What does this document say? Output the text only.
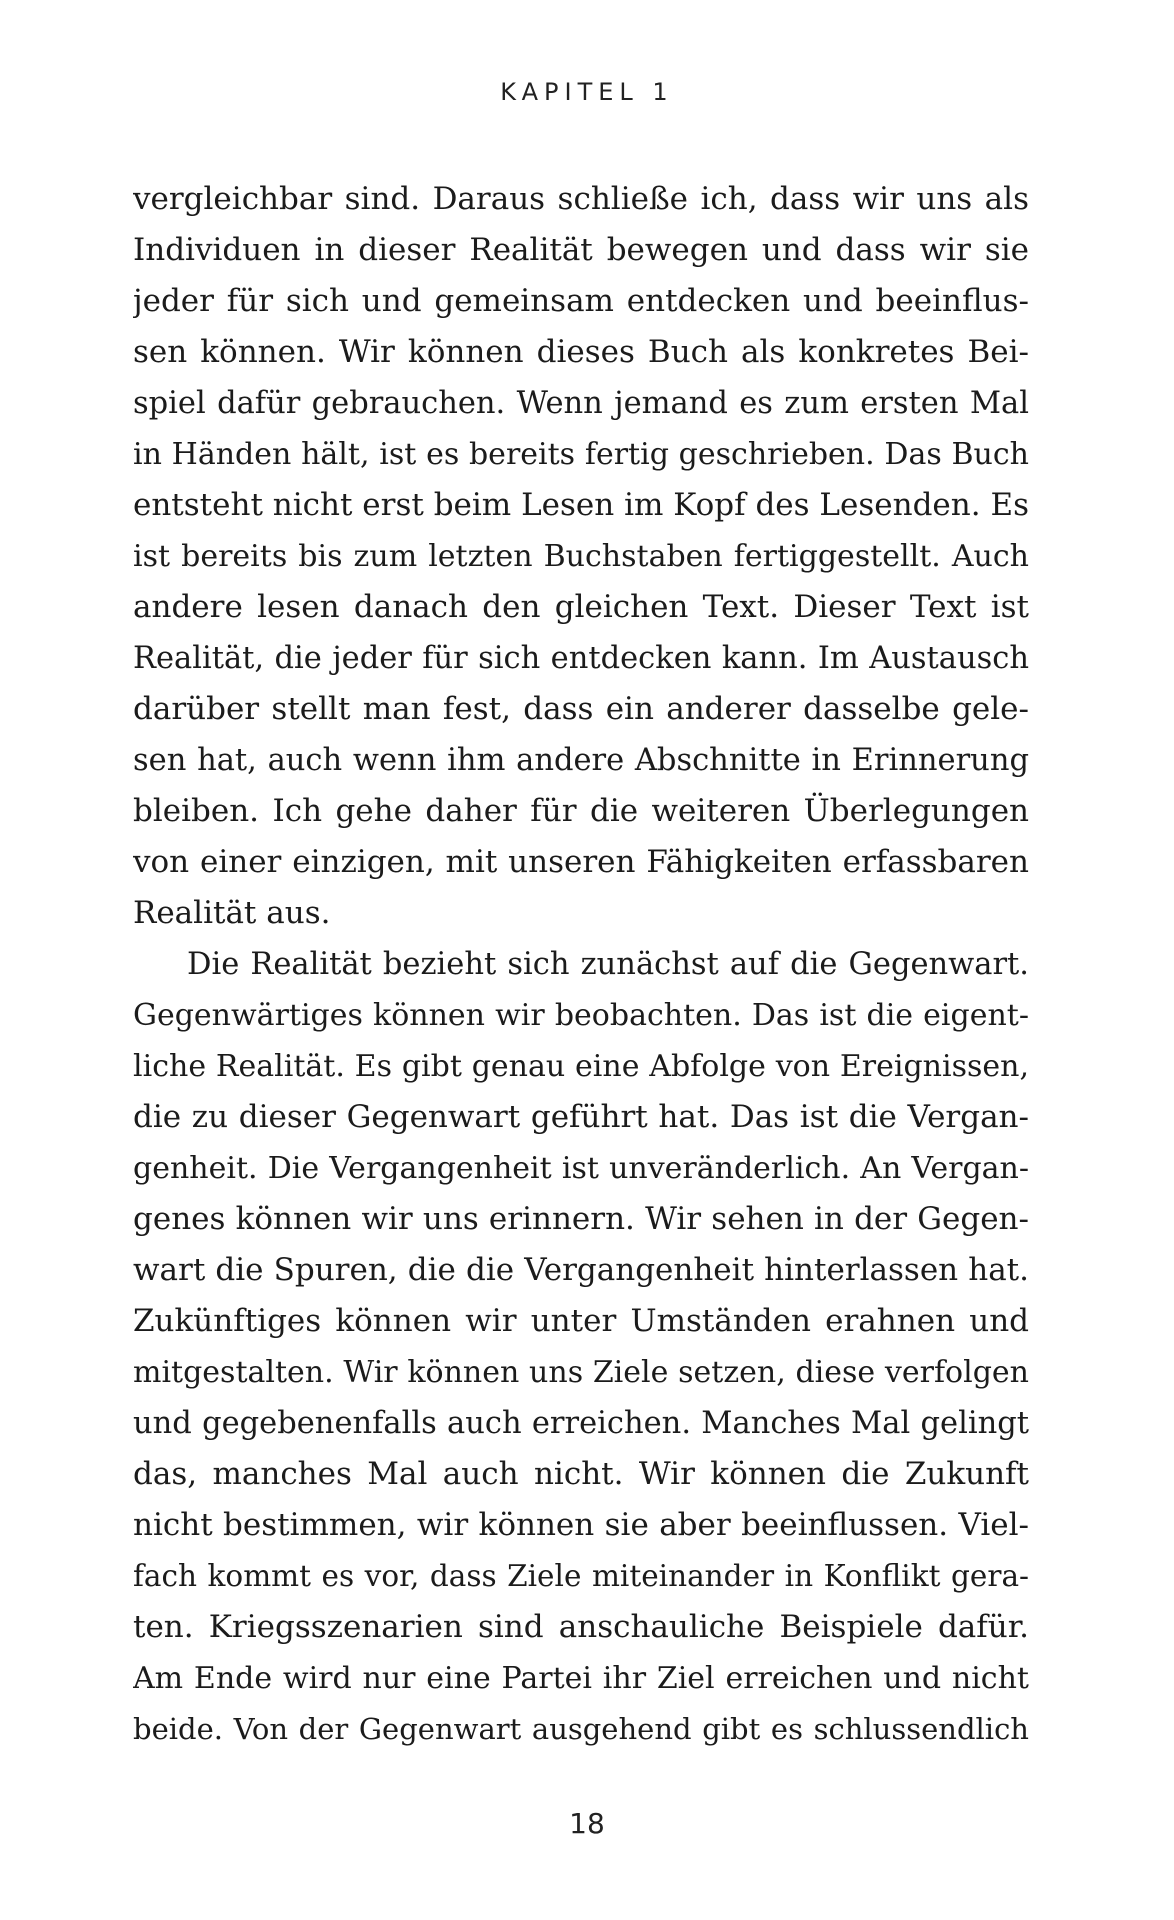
KAPITEL 1
vergleichbar sind. Daraus schließe ich, dass wir uns als
Individuen in dieser Realität bewegen und dass wir sie
jeder für sich und gemeinsam entdecken und beeinflus-
sen können. Wir können dieses Buch als konkretes Bei-
spiel dafür gebrauchen. Wenn jemand es zum ersten Mal
in Händen hält, ist es bereits fertig geschrieben. Das Buch
entsteht nicht erst beim Lesen im Kopf des Lesenden. Es
ist bereits bis zum letzten Buchstaben fertiggestellt. Auch
andere lesen danach den gleichen Text. Dieser Text ist
Realität, die jeder für sich entdecken kann. Im Austausch
darüber stellt man fest, dass ein anderer dasselbe gele-
sen hat, auch wenn ihm andere Abschnitte in Erinnerung
bleiben. Ich gehe daher für die weiteren Überlegungen
von einer einzigen, mit unseren Fähigkeiten erfassbaren
Realität aus.
Die Realität bezieht sich zunächst auf die Gegenwart.
Gegenwärtiges können wir beobachten. Das ist die eigent-
liche Realität. Es gibt genau eine Abfolge von Ereignissen,
die zu dieser Gegenwart geführt hat. Das ist die Vergan-
genheit. Die Vergangenheit ist unveränderlich. An Vergan-
genes können wir uns erinnern. Wir sehen in der Gegen-
wart die Spuren, die die Vergangenheit hinterlassen hat.
Zukünftiges können wir unter Umständen erahnen und
mitgestalten. Wir können uns Ziele setzen, diese verfolgen
und gegebenenfalls auch erreichen. Manches Mal gelingt
das, manches Mal auch nicht. Wir können die Zukunft
nicht bestimmen, wir können sie aber beeinflussen. Viel-
fach kommt es vor, dass Ziele miteinander in Konflikt gera-
ten. Kriegsszenarien sind anschauliche Beispiele dafür.
Am Ende wird nur eine Partei ihr Ziel erreichen und nicht
beide. Von der Gegenwart ausgehend gibt es schlussendlich
18
